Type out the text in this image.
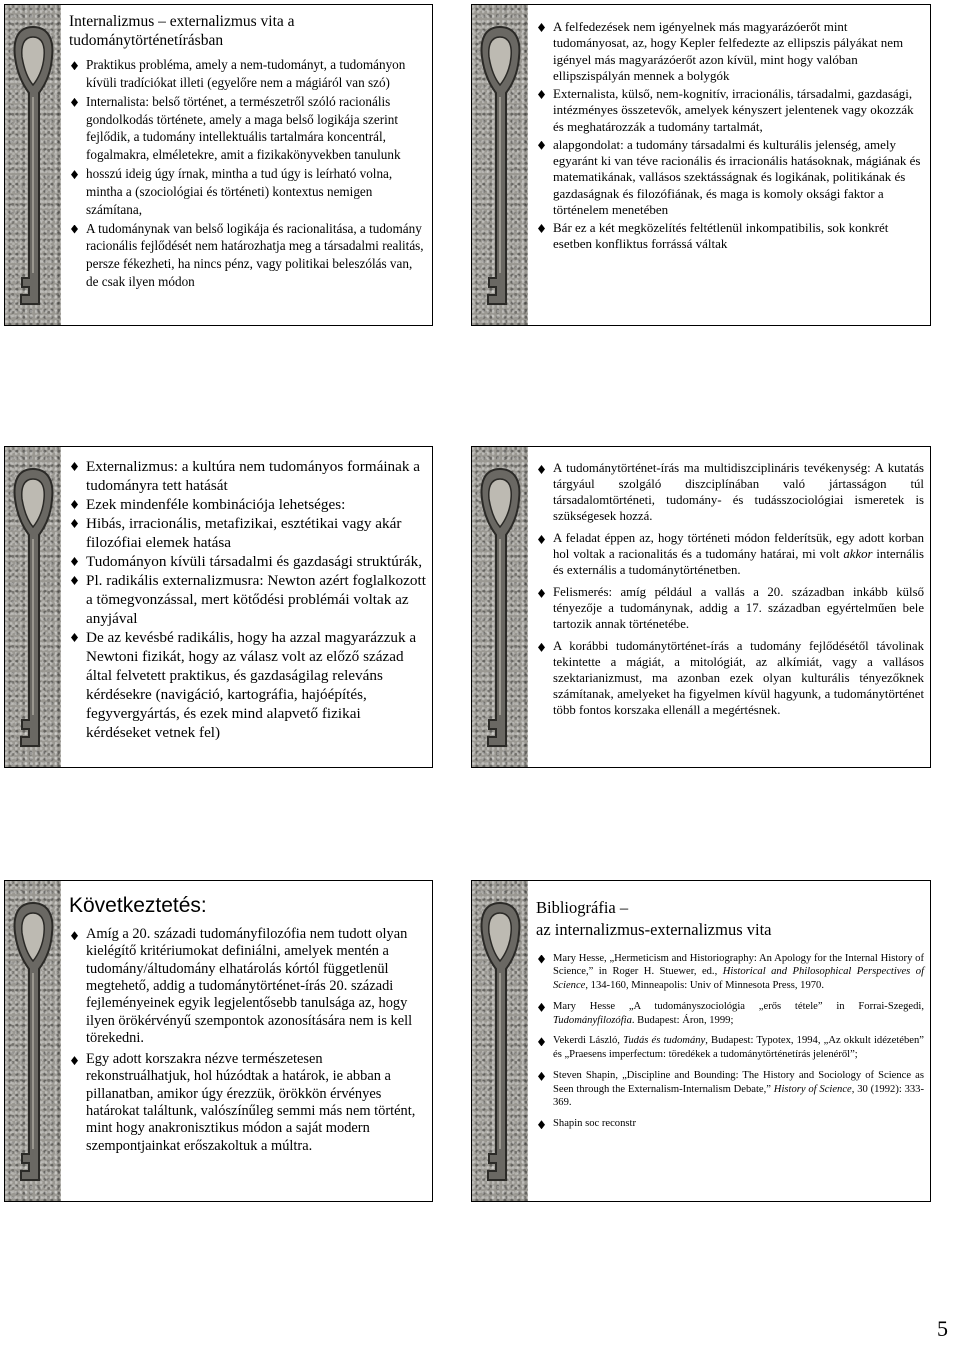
Internalizmus – externalizmus vita a
tudománytörténetírásban
Praktikus probléma, amely a nem-tudományt, a tudományon kívüli tradíciókat illeti (egyelőre nem a mágiáról van szó)
Internalista: belső történet, a természetről szóló racionális gondolkodás története, amely a maga belső logikája szerint fejlődik, a tudomány intellektuális tartalmára koncentrál, fogalmakra, elméletekre, amit a fizikakönyvekben tanulunk
hosszú ideig úgy írnak, mintha a tud úgy is leírható volna, mintha a (szociológiai és történeti) kontextus nemigen számítana,
A tudománynak van belső logikája és racionalitása, a tudomány racionális fejlődését nem határozhatja meg a társadalmi realitás, persze fékezheti, ha nincs pénz, vagy politikai beleszólás van, de csak ilyen módon
A felfedezések nem igényelnek más magyarázóerőt mint tudományosat, az, hogy Kepler felfedezte az ellipszis pályákat nem igényel más magyarázóerőt azon kívül, mint hogy valóban ellipszispályán mennek a bolygók
Externalista, külső, nem-kognitív, irracionális, társadalmi, gazdasági, intézményes összetevők, amelyek kényszert jelentenek vagy okozzák és meghatározzák a tudomány tartalmát,
alapgondolat: a tudomány társadalmi és kulturális jelenség, amely egyaránt ki van téve racionális és irracionális hatásoknak, mágiának és matematikának, vallásos szektásságnak és logikának, politikának és gazdaságnak és filozófiának, és maga is komoly oksági faktor a történelem menetében
Bár ez a két megközelítés feltétlenül inkompatibilis, sok konkrét esetben konfliktus forrássá váltak
Externalizmus: a kultúra nem tudományos formáinak a tudományra tett hatását
Ezek mindenféle kombinációja lehetséges:
Hibás, irracionális, metafizikai, esztétikai vagy akár filozófiai elemek hatása
Tudományon kívüli társadalmi és gazdasági struktúrák,
Pl. radikális externalizmusra: Newton azért foglalkozott a tömegvonzással, mert kötődési problémái voltak az anyjával
De az kevésbé radikális, hogy ha azzal magyarázzuk a Newtoni fizikát, hogy az válasz volt az előző század által felvetett praktikus, és gazdaságilag releváns kérdésekre (navigáció, kartográfia, hajóépítés, fegyvergyártás, és ezek mind alapvető fizikai kérdéseket vetnek fel)
A tudománytörténet-írás ma multidiszciplináris tevékenység: A kutatás tárgyául szolgáló diszciplínában való jártasságon túl társadalomtörténeti, tudomány- és tudásszociológiai ismeretek is szükségesek hozzá.
A feladat éppen az, hogy történeti módon felderítsük, egy adott korban hol voltak a racionalitás és a tudomány határai, mi volt akkor internális és externális a tudománytörténetben.
Felismerés: amíg például a vallás a 20. században inkább külső tényezője a tudománynak, addig a 17. században egyértelműen bele tartozik annak történetébe.
A korábbi tudománytörténet-írás a tudomány fejlődésétől távolinak tekintette a mágiát, a mitológiát, az alkímiát, vagy a vallásos szektarianizmust, ma azonban ezek olyan kulturális tényezőknek számítanak, amelyeket ha figyelmen kívül hagyunk, a tudománytörténet több fontos korszaka ellenáll a megértésnek.
Következtetés:
Amíg a 20. századi tudományfilozófia nem tudott olyan kielégítő kritériumokat definiálni, amelyek mentén a tudomány/áltudomány elhatárolás kórtól függetlenül megtehető, addig a tudománytörténet-írás 20. századi fejleményeinek egyik legjelentősebb tanulsága az, hogy ilyen örökérvényű szempontok azonosítására nem is kell törekedni.
Egy adott korszakra nézve természetesen rekonstruálhatjuk, hol húzódtak a határok, ie abban a pillanatban, amikor úgy érezzük, örökkön érvényes határokat találtunk, valószínűleg semmi más nem történt, mint hogy anakronisztikus módon a saját modern szempontjainkat erőszakoltuk a múltra.
Bibliográfia –
az internalizmus-externalizmus vita
Mary Hesse, „Hermeticism and Historiography: An Apology for the Internal History of Science,” in Roger H. Stuewer, ed., Historical and Philosophical Perspectives of Science, 134-160, Minneapolis: Univ of Minnesota Press, 1970.
Mary Hesse „A tudományszociológia „erős tétele” in Forrai-Szegedi, Tudományfilozófia. Budapest: Áron, 1999;
Vekerdi László, Tudás és tudomány, Budapest: Typotex, 1994, „Az okkult idézetében” és „Praesens imperfectum: töredékek a tudománytörténetírás jelenéről”;
Steven Shapin, „Discipline and Bounding: The History and Sociology of Science as Seen through the Externalism-Internalism Debate,” History of Science, 30 (1992): 333-369.
Shapin soc reconstr
5
